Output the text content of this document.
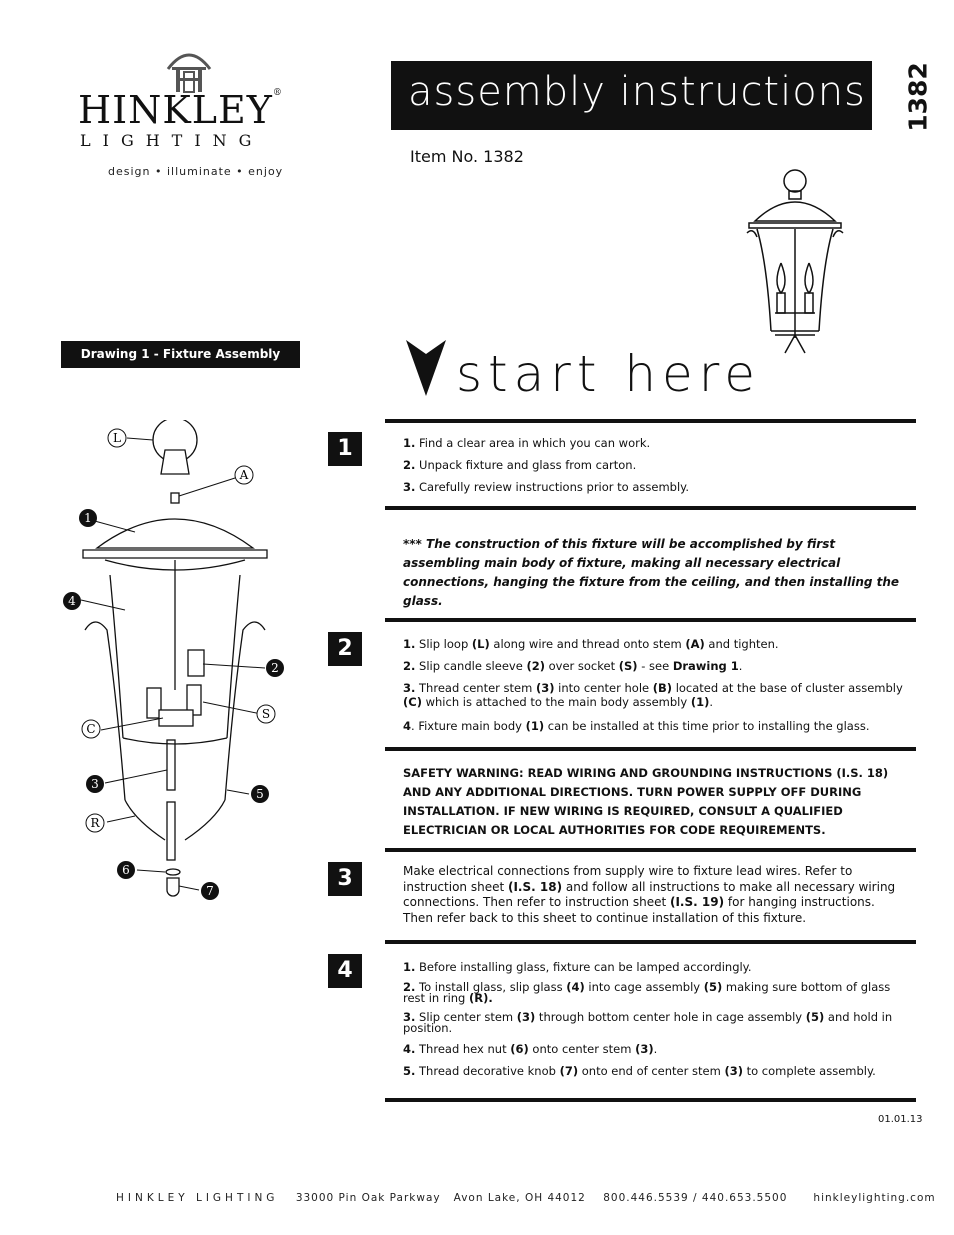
HINKLEY®
LIGHTING
design • illuminate • enjoy
assembly instructions 1382
Item No. 1382
Drawing 1 - Fixture Assembly
L
A
1
4
2
S
C
3
5
R
6
7
start here
1
2
3
4

1. Find a clear area in which you can work.

2. Unpack fixture and glass from carton.

3. Carefully review instructions prior to assembly.

*** The construction of this fixture will be accomplished by first assembling main body of fixture, making all necessary electrical connections, hanging the fixture from the ceiling, and then installing the glass.

1. Slip loop (L) along wire and thread onto stem (A) and tighten.

2. Slip candle sleeve (2) over socket (S) - see Drawing 1.

3. Thread center stem (3) into center hole (B) located at the base of cluster assembly (C) which is attached to the main body assembly (1).

4. Fixture main body (1) can be installed at this time prior to installing the glass.

SAFETY WARNING: READ WIRING AND GROUNDING INSTRUCTIONS (I.S. 18) AND ANY ADDITIONAL DIRECTIONS. TURN POWER SUPPLY OFF DURING INSTALLATION. IF NEW WIRING IS REQUIRED, CONSULT A QUALIFIED ELECTRICIAN OR LOCAL AUTHORITIES FOR CODE REQUIREMENTS.
Make electrical connections from supply wire to fixture lead wires. Refer to instruction sheet (I.S. 18) and follow all instructions to make all necessary wiring connections. Then refer to instruction sheet (I.S. 19) for hanging instructions. Then refer back to this sheet to continue installation of this fixture.

1. Before installing glass, fixture can be lamped accordingly.

2. To install glass, slip glass (4) into cage assembly (5) making sure bottom of glass rest in ring (R).

3. Slip center stem (3) through bottom center hole in cage assembly (5) and hold in position.

4. Thread hex nut (6) onto center stem (3).

5. Thread decorative knob (7) onto end of center stem (3) to complete assembly.

01.01.13
HINKLEY LIGHTING 33000 Pin Oak Parkway   Avon Lake, OH 44012 800.446.5539 / 440.653.5500 hinkleylighting.com
